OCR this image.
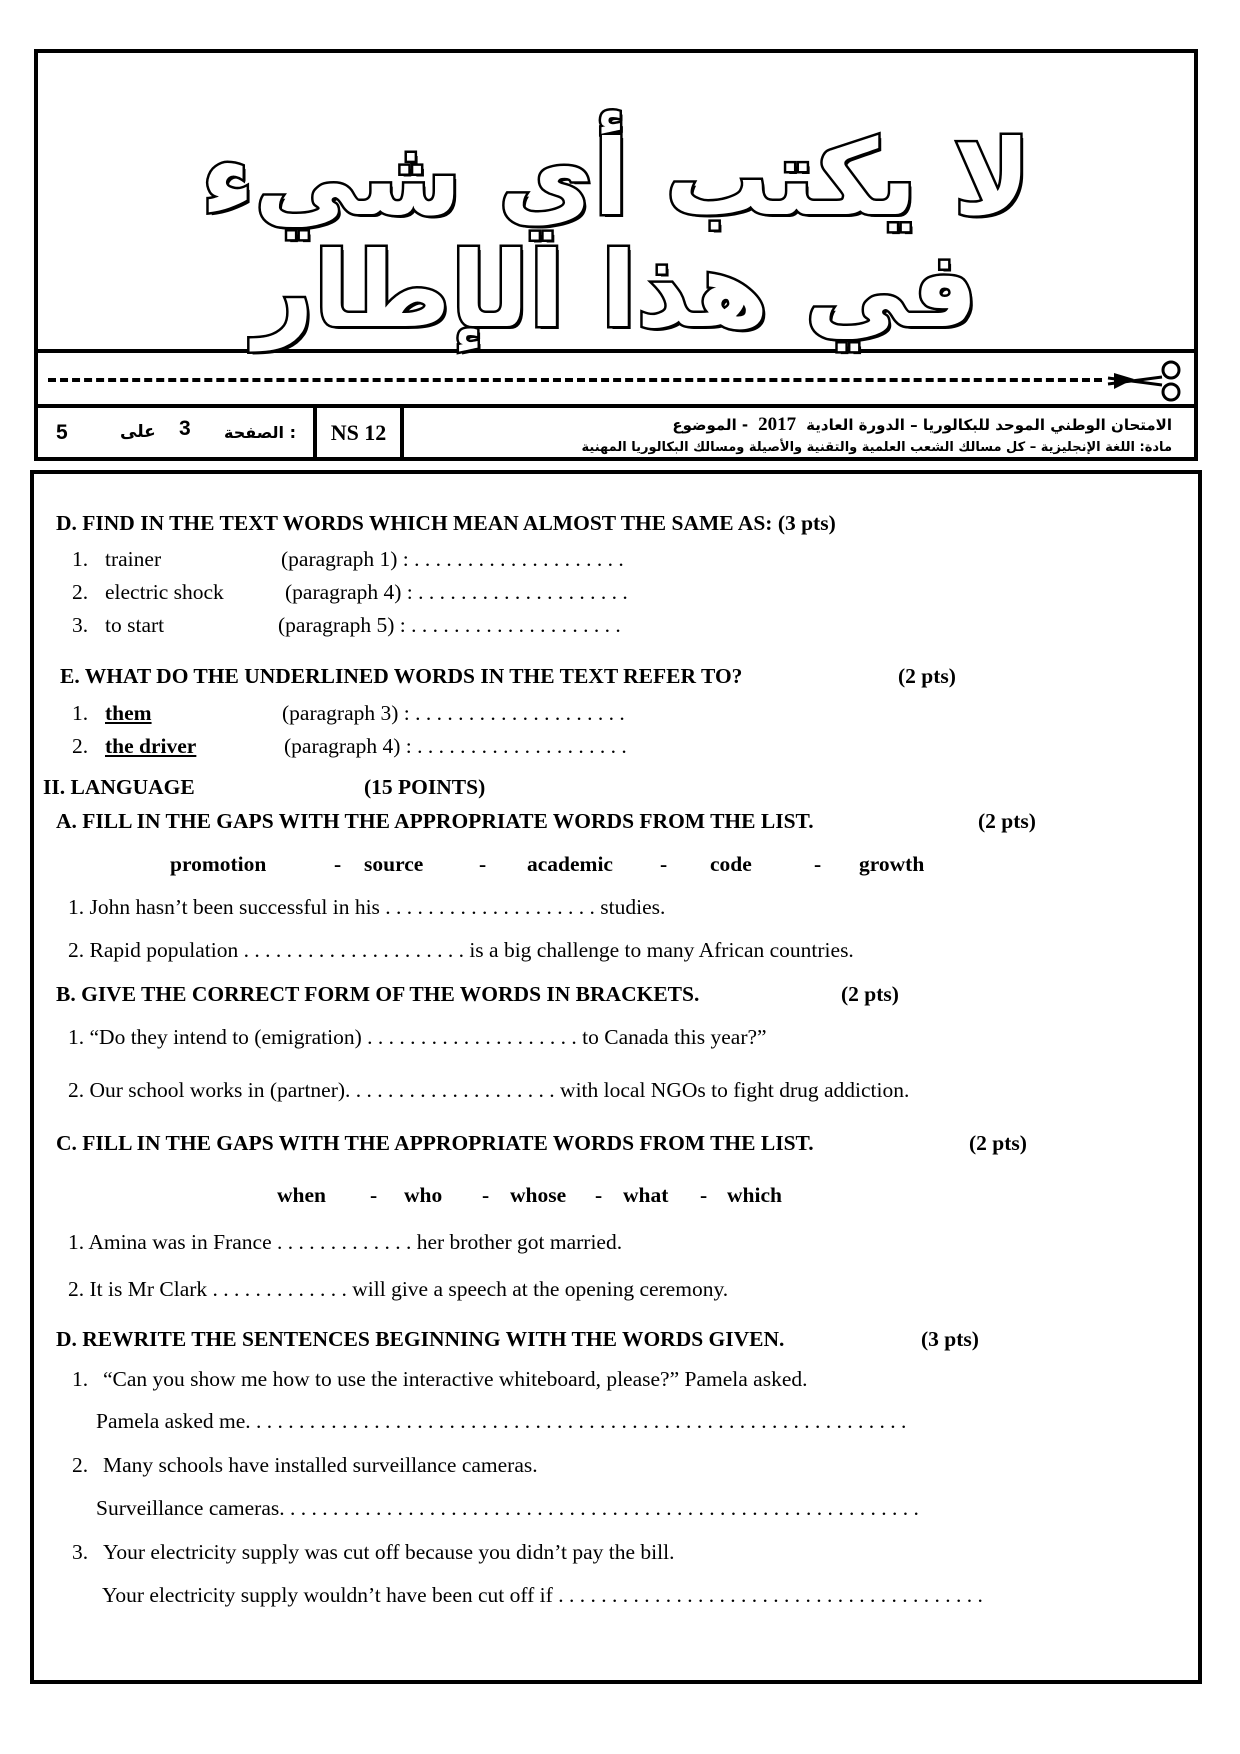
لا يكتب أي شيء
في هذا الإطار
5	على 3 الصفحة :	NS 12	الامتحان الوطني الموحد للبكالوريا – الدورة العادية2017- الموضوع
مادة: اللغة الإنجليزية – كل مسالك الشعب العلمية والتقنية والأصيلة ومسالك البكالوريا المهنية
D. FIND IN THE TEXT WORDS WHICH MEAN ALMOST THE SAME AS: (3 pts)
1. trainer	(paragraph 1) : . . . . . . . . . . . . . . . . . . . .
2. electric shock	(paragraph 4) : . . . . . . . . . . . . . . . . . . . .
3. to start	(paragraph 5) : . . . . . . . . . . . . . . . . . . . .
E. WHAT DO THE UNDERLINED WORDS IN THE TEXT REFER TO?	(2 pts)
1. them	(paragraph 3) : . . . . . . . . . . . . . . . . . . . .
2. the driver	(paragraph 4) : . . . . . . . . . . . . . . . . . . . .
II. LANGUAGE	(15 POINTS)
A. FILL IN THE GAPS WITH THE APPROPRIATE WORDS FROM THE LIST.	(2 pts)
promotion	- source	- academic - code	- growth
1. John hasn’t been successful in his . . . . . . . . . . . . . . . . . . . . studies.
2. Rapid population . . . . . . . . . . . . . . . . . . . . . is a big challenge to many African countries.
B. GIVE THE CORRECT FORM OF THE WORDS IN BRACKETS.	(2 pts)
1. “Do they intend to (emigration) . . . . . . . . . . . . . . . . . . . . to Canada this year?”
2. Our school works in (partner). . . . . . . . . . . . . . . . . . . . with local NGOs to fight drug addiction.
C. FILL IN THE GAPS WITH THE APPROPRIATE WORDS FROM THE LIST.	(2 pts)
when - who - whose - what - which
1. Amina was in France . . . . . . . . . . . . . her brother got married.
2. It is Mr Clark . . . . . . . . . . . . . will give a speech at the opening ceremony.
D. REWRITE THE SENTENCES BEGINNING WITH THE WORDS GIVEN.	(3 pts)
1. “Can you show me how to use the interactive whiteboard, please?” Pamela asked.
Pamela asked me. . . . . . . . . . . . . . . . . . . . . . . . . . . . . . . . . . . . . . . . . . . . . . . . . . . . . . . . . . . . . .
2. Many schools have installed surveillance cameras.
Surveillance cameras. . . . . . . . . . . . . . . . . . . . . . . . . . . . . . . . . . . . . . . . . . . . . . . . . . . . . . . . . . . .
3. Your electricity supply was cut off because you didn’t pay the bill.
Your electricity supply wouldn’t have been cut off if . . . . . . . . . . . . . . . . . . . . . . . . . . . . . . . . . . . . . . . .
